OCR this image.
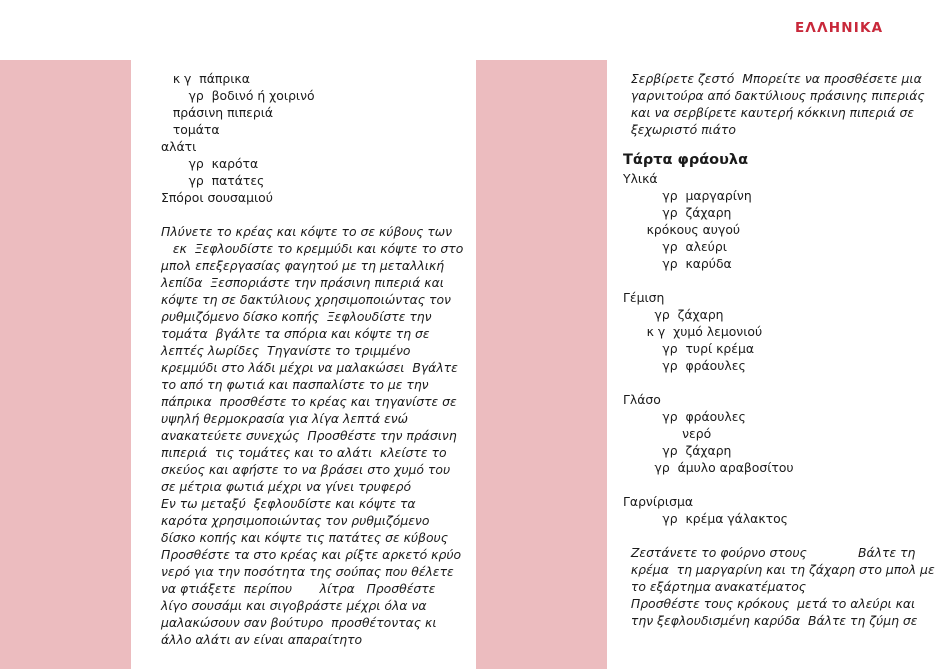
ΕΛΛΗΝΙΚΑ
κ γ  πάπρικα
γρ  βοδινό ή χοιρινό
πράσινη πιπεριά
τομάτα
αλάτι
γρ  καρότα
γρ  πατάτες
Σπόροι σουσαμιού
Πλύνετε το κρέας και κόψτε το σε κύβους των
εκ  Ξεφλουδίστε το κρεμμύδι και κόψτε το στο
μπολ επεξεργασίας φαγητού με τη μεταλλική
λεπίδα  Ξεσποριάστε την πράσινη πιπεριά και
κόψτε τη σε δακτύλιους χρησιμοποιώντας τον
ρυθμιζόμενο δίσκο κοπής  Ξεφλουδίστε την
τομάτα  βγάλτε τα σπόρια και κόψτε τη σε
λεπτές λωρίδες  Τηγανίστε το τριμμένο
κρεμμύδι στο λάδι μέχρι να μαλακώσει  Βγάλτε
το από τη φωτιά και πασπαλίστε το με την
πάπρικα  προσθέστε το κρέας και τηγανίστε σε
υψηλή θερμοκρασία για λίγα λεπτά ενώ
ανακατεύετε συνεχώς  Προσθέστε την πράσινη
πιπεριά  τις τομάτες και το αλάτι  κλείστε το
σκεύος και αφήστε το να βράσει στο χυμό του
σε μέτρια φωτιά μέχρι να γίνει τρυφερό
Εν τω μεταξύ  ξεφλουδίστε και κόψτε τα
καρότα χρησιμοποιώντας τον ρυθμιζόμενο
δίσκο κοπής και κόψτε τις πατάτες σε κύβους
Προσθέστε τα στο κρέας και ρίξτε αρκετό κρύο
νερό για την ποσότητα της σούπας που θέλετε
να φτιάξετε  περίπου       λίτρα   Προσθέστε
λίγο σουσάμι και σιγοβράστε μέχρι όλα να
μαλακώσουν σαν βούτυρο  προσθέτοντας κι
άλλο αλάτι αν είναι απαραίτητο
Σερβίρετε ζεστό  Μπορείτε να προσθέσετε μια
γαρνιτούρα από δακτύλιους πράσινης πιπεριάς
και να σερβίρετε καυτερή κόκκινη πιπεριά σε
ξεχωριστό πιάτο
Τάρτα φράουλα
Υλικά
γρ  μαργαρίνη
γρ  ζάχαρη
κρόκους αυγού
γρ  αλεύρι
γρ  καρύδα
Γέμιση
γρ  ζάχαρη
κ γ  χυμό λεμονιού
γρ  τυρί κρέμα
γρ  φράουλες
Γλάσο
γρ  φράουλες
νερό
γρ  ζάχαρη
γρ  άμυλο αραβοσίτου
Γαρνίρισμα
γρ  κρέμα γάλακτος
Ζεστάνετε το φούρνο στους             Βάλτε τη
κρέμα  τη μαργαρίνη και τη ζάχαρη στο μπολ με
το εξάρτημα ανακατέματος
Προσθέστε τους κρόκους  μετά το αλεύρι και
την ξεφλουδισμένη καρύδα  Βάλτε τη ζύμη σε
